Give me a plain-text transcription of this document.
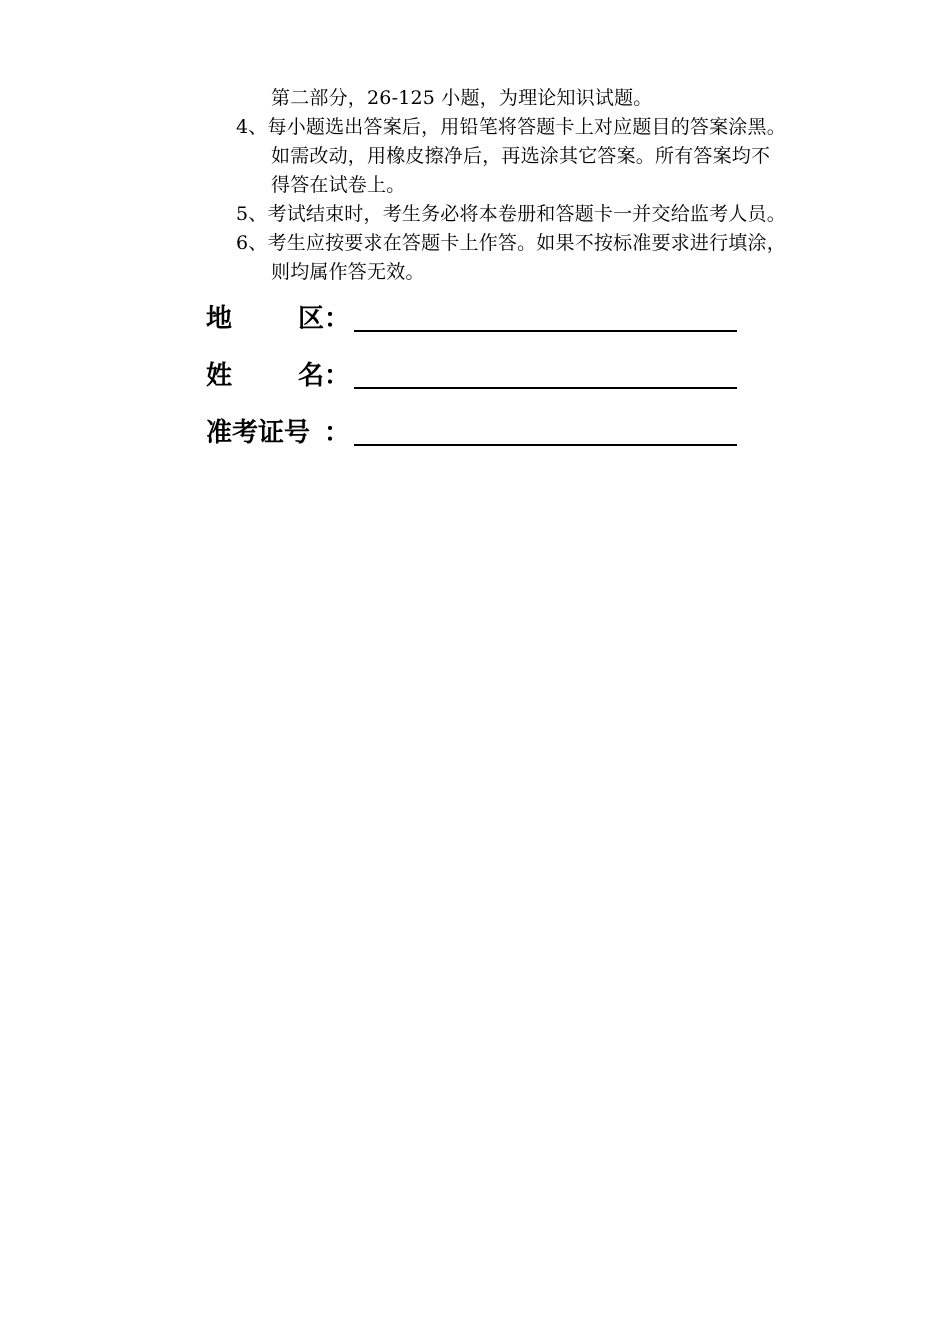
第二部分，26-125 小题，为理论知识试题。
4、每小题选出答案后，用铅笔将答题卡上对应题目的答案涂黑。
如需改动，用橡皮擦净后，再选涂其它答案。所有答案均不
得答在试卷上。
5、考试结束时，考生务必将本卷册和答题卡一并交给监考人员。
6、考生应按要求在答题卡上作答。如果不按标准要求进行填涂，
则均属作答无效。
地	区 ：
姓	名 ：
准考证号 ：
